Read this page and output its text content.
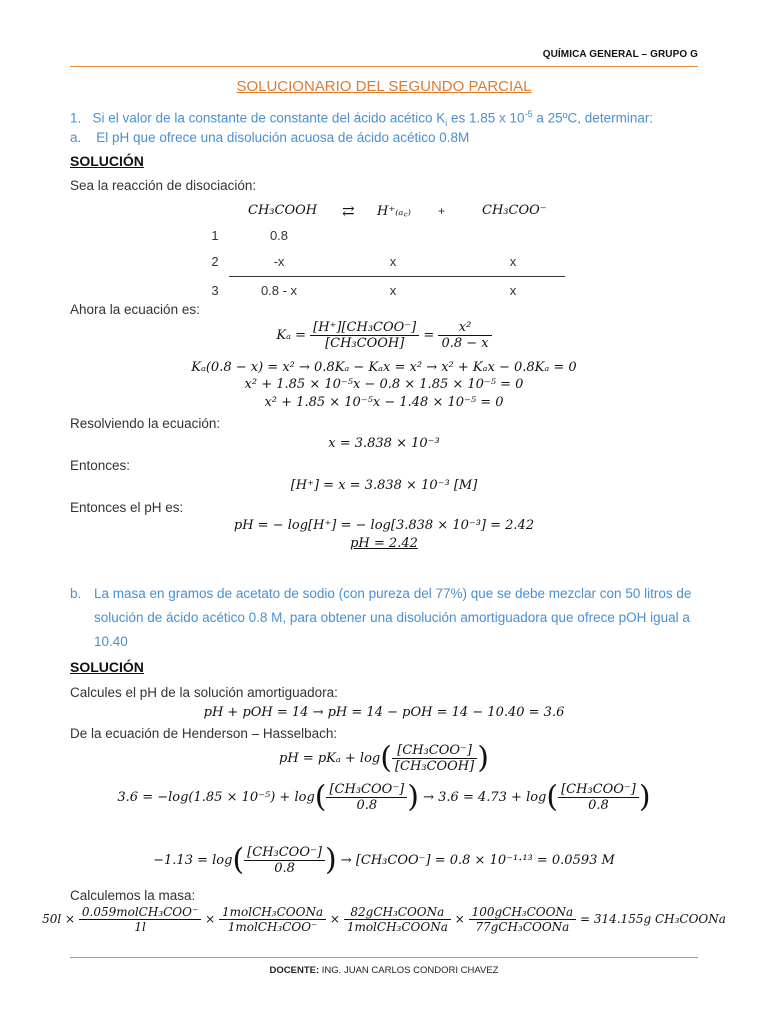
QUÍMICA GENERAL – GRUPO G
SOLUCIONARIO DEL SEGUNDO PARCIAL
1. Si el valor de la constante de constante del ácido acético $K_i$ es 1.85 x $10^{-5}$ a 25ºC, determinar:
a. El pH que ofrece una disolución acuosa de ácido acético 0.8M
SOLUCIÓN
Sea la reacción de disociación:
CH₃COOH ⇄ H⁺₍ₐ꜀₎ +	CH₃COO⁻
1	0.8
2	-x	x	x
3	0.8 - x	x	x
Ahora la ecuación es:
$K_a = \frac{\text{[H⁺][CH₃COO⁻]}}{\text{[CH₃COOH]}} = \frac{\text{x²}}{0.8 - x}$
Kₐ(0.8 − x) = x² → 0.8Kₐ − Kₐx = x² → x² + Kₐx − 0.8Kₐ = 0
x² + 1.85 × 10⁻⁵x − 0.8 × 1.85 × 10⁻⁵ = 0
x² + 1.85 × 10⁻⁵x − 1.48 × 10⁻⁵ = 0
Resolviendo la ecuación:
x = 3.838 × 10⁻³
Entonces:
[H⁺] = x = 3.838 × 10⁻³ [M]
Entonces el pH es:
pH = − log[H⁺] = − log[3.838 × 10⁻³] = 2.42
pH = 2.42
b. La masa en gramos de acetato de sodio (con pureza del 77%) que se debe mezclar con 50 litros de
solución de ácido acético 0.8 M, para obtener una disolución amortiguadora que ofrece pOH igual a
10.40
SOLUCIÓN
Calcules el pH de la solución amortiguadora:
pH + pOH = 14 → pH = 14 − pOH = 14 − 10.40 = 3.6
De la ecuación de Henderson – Hasselbach:
pH = $pK_a + \log( \frac{\text{[CH₃COO⁻]}}{\text{[CH₃COOH]}}$ )
$3.6 = -\log(1.85 \times 10^{-5}) + \log( \frac{\text{[CH₃COO⁻]}}{0.8}$ ) → $3.6 = 4.73 + \log( \frac{\text{[CH₃COO⁻]}}{0.8}$ )
$-1.13 = \log( \frac{\text{[CH₃COO⁻]}}{0.8}$ ) → [CH₃COO⁻] = 0.8 × 10⁻¹·¹³ = 0.0593 M
Calculemos la masa:
$50l \times \frac{\text{0.059molCH₃COO⁻}}{1l} \times \frac{\text{1molCH₃COONa}}{\text{1molCH₃COO⁻}} \times \frac{\text{82gCH₃COONa}}{\text{1molCH₃COONa}} \times \frac{\text{100gCH₃COONa}}{\text{77gCH₃COONa}} = 314.155g$ CH₃COONa
DOCENTE: ING. JUAN CARLOS CONDORI CHAVEZ
